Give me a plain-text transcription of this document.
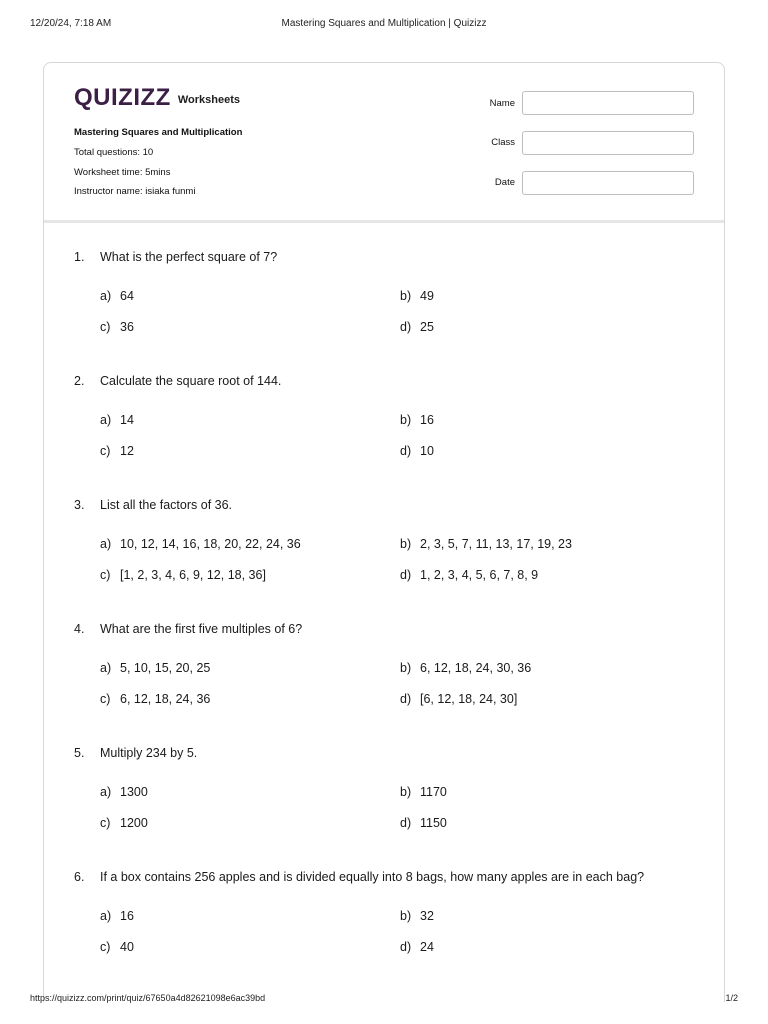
12/20/24, 7:18 AM	Mastering Squares and Multiplication | Quizizz
QUIZIZZ Worksheets
Mastering Squares and Multiplication
Total questions: 10
Worksheet time: 5mins
Instructor name: isiaka funmi
Name
Class
Date
1. What is the perfect square of 7?
a) 64	b) 49
c) 36	d) 25
2. Calculate the square root of 144.
a) 14	b) 16
c) 12	d) 10
3. List all the factors of 36.
a) 10, 12, 14, 16, 18, 20, 22, 24, 36	b) 2, 3, 5, 7, 11, 13, 17, 19, 23
c) [1, 2, 3, 4, 6, 9, 12, 18, 36]	d) 1, 2, 3, 4, 5, 6, 7, 8, 9
4. What are the first five multiples of 6?
a) 5, 10, 15, 20, 25	b) 6, 12, 18, 24, 30, 36
c) 6, 12, 18, 24, 36	d) [6, 12, 18, 24, 30]
5. Multiply 234 by 5.
a) 1300	b) 1170
c) 1200	d) 1150
6. If a box contains 256 apples and is divided equally into 8 bags, how many apples are in each bag?
a) 16	b) 32
c) 40	d) 24
https://quizizz.com/print/quiz/67650a4d82621098e6ac39bd	1/2
